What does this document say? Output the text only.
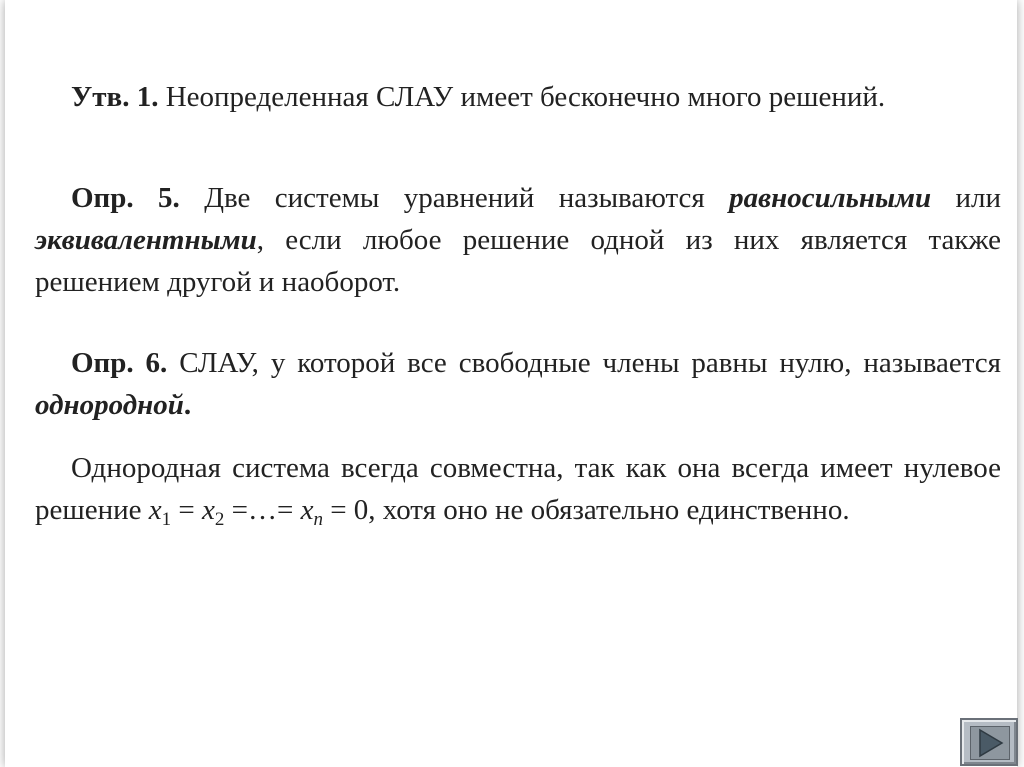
Утв. 1. Неопределенная СЛАУ имеет бесконечно много решений.
Опр. 5. Две системы уравнений называются равносильными или эквивалентными, если любое решение одной из них является также решением другой и наоборот.
Опр. 6. СЛАУ, у которой все свободные члены равны нулю, называется однородной.
Однородная система всегда совместна, так как она всегда имеет нулевое решение $x_1 = x_2$ =…= $x_n = 0$, хотя оно не обязательно единственно.
